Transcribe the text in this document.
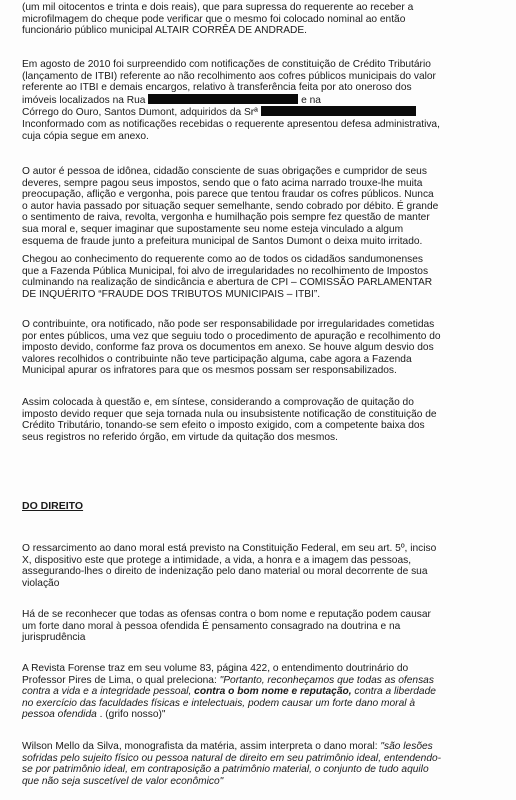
(um mil oitocentos e trinta e dois reais), que para supressa do requerente ao receber a
microfilmagem do cheque pode verificar que o mesmo foi colocado nominal ao então
funcionário público municipal ALTAIR CORRÊA DE ANDRADE.
Em agosto de 2010 foi surpreendido com notificações de constituição de Crédito Tributário
(lançamento de ITBI) referente ao não recolhimento aos cofres públicos municipais do valor
referente ao ITBI e demais encargos, relativo à transferência feita por ato oneroso dos
imóveis localizados na Rua	e na
Córrego do Ouro, Santos Dumont, adquiridos da Srª
Inconformado com as notificações recebidas o requerente apresentou defesa administrativa,
cuja cópia segue em anexo.
O autor é pessoa de idônea, cidadão consciente de suas obrigações e cumpridor de seus
deveres, sempre pagou seus impostos, sendo que o fato acima narrado trouxe-lhe muita
preocupação, aflição e vergonha, pois parece que tentou fraudar os cofres públicos. Nunca
o autor havia passado por situação sequer semelhante, sendo cobrado por débito. É grande
o sentimento de raiva, revolta, vergonha e humilhação pois sempre fez questão de manter
sua moral e, sequer imaginar que supostamente seu nome esteja vinculado a algum
esquema de fraude junto a prefeitura municipal de Santos Dumont o deixa muito irritado.
Chegou ao conhecimento do requerente como ao de todos os cidadãos sandumonenses
que a Fazenda Pública Municipal, foi alvo de irregularidades no recolhimento de Impostos
culminando na realização de sindicância e abertura de CPI – COMISSÃO PARLAMENTAR
DE INQUÉRITO “FRAUDE DOS TRIBUTOS MUNICIPAIS – ITBI”.
O contribuinte, ora notificado, não pode ser responsabilidade por irregularidades cometidas
por entes públicos, uma vez que seguiu todo o procedimento de apuração e recolhimento do
imposto devido, conforme faz prova os documentos em anexo. Se houve algum desvio dos
valores recolhidos o contribuinte não teve participação alguma, cabe agora a Fazenda
Municipal apurar os infratores para que os mesmos possam ser responsabilizados.
Assim colocada à questão e, em síntese, considerando a comprovação de quitação do
imposto devido requer que seja tornada nula ou insubsistente notificação de constituição de
Crédito Tributário, tonando-se sem efeito o imposto exigido, com a competente baixa dos
seus registros no referido órgão, em virtude da quitação dos mesmos.
DO DIREITO
O ressarcimento ao dano moral está previsto na Constituição Federal, em seu art. 5º, inciso
X, dispositivo este que protege a intimidade, a vida, a honra e a imagem das pessoas,
assegurando-lhes o direito de indenização pelo dano material ou moral decorrente de sua
violação
Há de se reconhecer que todas as ofensas contra o bom nome e reputação podem causar
um forte dano moral à pessoa ofendida É pensamento consagrado na doutrina e na
jurisprudência
A Revista Forense traz em seu volume 83, página 422, o entendimento doutrinário do
Professor Pires de Lima, o qual preleciona: "Portanto, reconheçamos que todas as ofensas
contra a vida e a integridade pessoal, contra o bom nome e reputação, contra a liberdade
no exercício das faculdades físicas e intelectuais, podem causar um forte dano moral à
pessoa ofendida . (grifo nosso)"
Wilson Mello da Silva, monografista da matéria, assim interpreta o dano moral: "são lesões
sofridas pelo sujeito físico ou pessoa natural de direito em seu patrimônio ideal, entendendo-
se por patrimônio ideal, em contraposição a patrimônio material, o conjunto de tudo aquilo
que não seja suscetível de valor econômico"
